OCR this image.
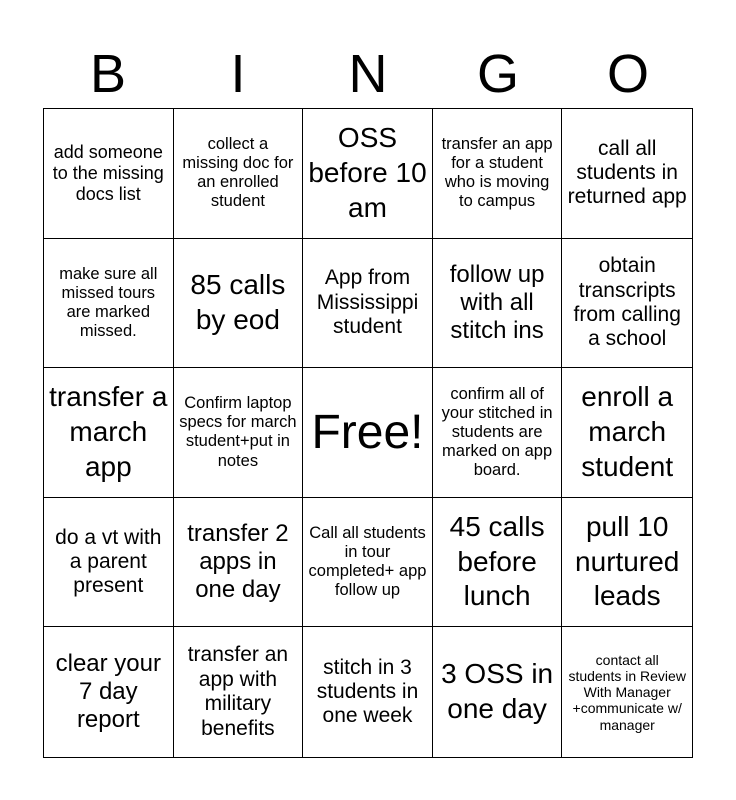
B	I	N	G	O
add someone to the missing docs list
collect a missing doc for an enrolled student
OSS before 10 am
transfer an app for a student who is moving to campus
call all students in returned app
make sure all missed tours are marked missed.
85 calls by eod
App from Mississippi student
follow up with all stitch ins
obtain transcripts from calling a school
transfer a march app
Confirm laptop specs for march student+put in notes
Free!
confirm all of your stitched in students are marked on app board.
enroll a march student
do a vt with a parent present
transfer 2 apps in one day
Call all students in tour completed+ app follow up
45 calls before lunch
pull 10 nurtured leads
clear your 7 day report
transfer an app with military benefits
stitch in 3 students in one week
3 OSS in one day
contact all students in Review With Manager +communicate w/ manager
